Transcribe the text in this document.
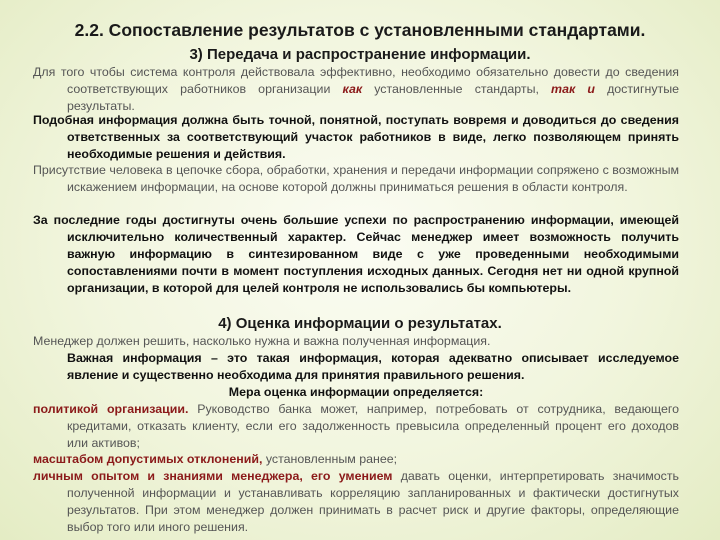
2.2. Сопоставление результатов с установленными стандартами.
3) Передача и распространение информации.
Для того чтобы система контроля действовала эффективно, необходимо обязательно довести до сведения соответствующих работников организации как установленные стандарты, так и достигнутые результаты.
Подобная информация должна быть точной, понятной, поступать вовремя и доводиться до сведения ответственных за соответствующий участок работников в виде, легко позволяющем принять необходимые решения и действия.
Присутствие человека в цепочке сбора, обработки, хранения и передачи информации сопряжено с возможным искажением информации, на основе которой должны приниматься решения в области контроля.
За последние годы достигнуты очень большие успехи по распространению информации, имеющей исключительно количественный характер. Сейчас менеджер имеет возможность получить важную информацию в синтезированном виде с уже проведенными необходимыми сопоставлениями почти в момент поступления исходных данных. Сегодня нет ни одной крупной организации, в которой для целей контроля не использовались бы компьютеры.
4) Оценка информации о результатах.
Менеджер должен решить, насколько нужна и важна полученная информация.
Важная информация – это такая информация, которая адекватно описывает исследуемое явление и существенно необходима для принятия правильного решения.
Мера оценка информации определяется:
политикой организации. Руководство банка может, например, потребовать от сотрудника, ведающего кредитами, отказать клиенту, если его задолженность превысила определенный процент его доходов или активов;
масштабом допустимых отклонений, установленным ранее;
личным опытом и знаниями менеджера, его умением давать оценки, интерпретировать значимость полученной информации и устанавливать корреляцию запланированных и фактически достигнутых результатов. При этом менеджер должен принимать в расчет риск и другие факторы, определяющие выбор того или иного решения.
